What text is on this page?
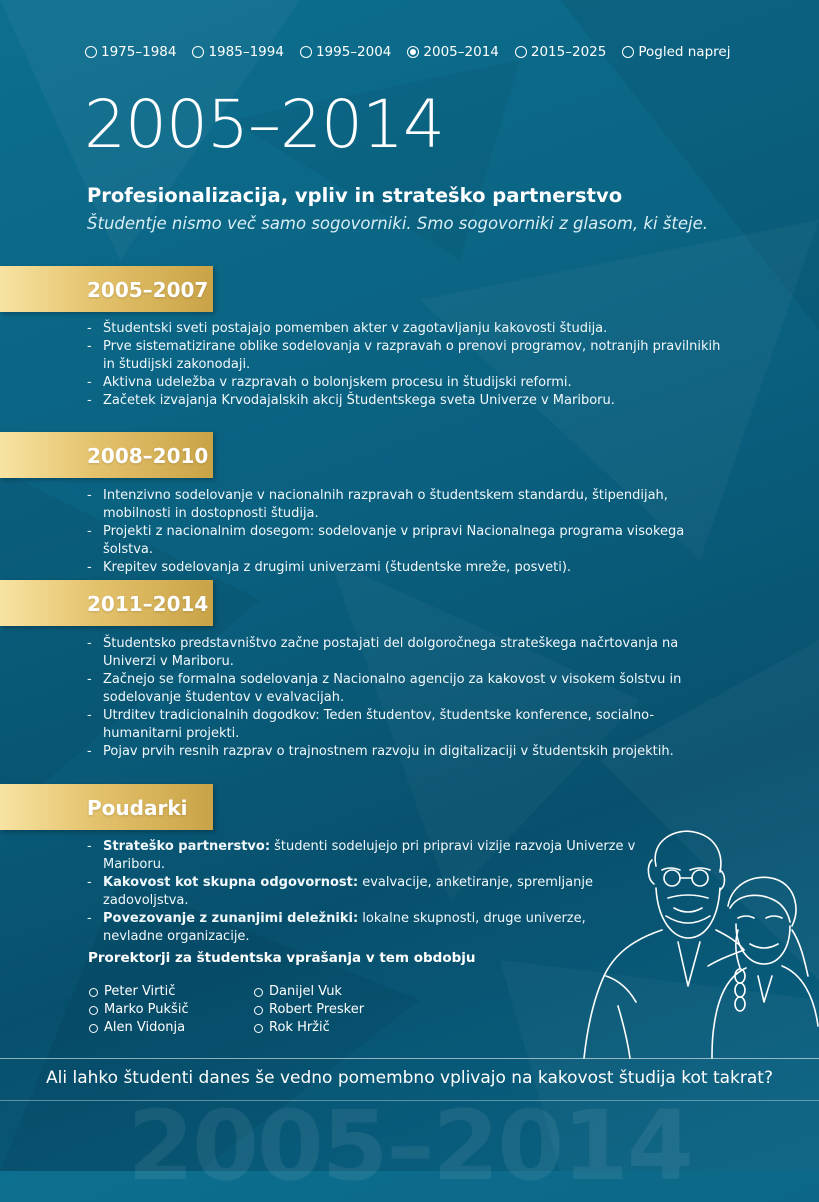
1975–1984 1985–1994 1995–2004 2005–2014 2015–2025 Pogled naprej
2005–2014
Profesionalizacija, vpliv in strateško partnerstvo
Študentje nismo več samo sogovorniki. Smo sogovorniki z glasom, ki šteje.
2005–2007
- Študentski sveti postajajo pomemben akter v zagotavljanju kakovosti študija.
- Prve sistematizirane oblike sodelovanja v razpravah o prenovi programov, notranjih pravilnikih in študijski zakonodaji.
- Aktivna udeležba v razpravah o bolonjskem procesu in študijski reformi.
- Začetek izvajanja Krvodajalskih akcij Študentskega sveta Univerze v Mariboru.
2008–2010
- Intenzivno sodelovanje v nacionalnih razpravah o študentskem standardu, štipendijah, mobilnosti in dostopnosti študija.
- Projekti z nacionalnim dosegom: sodelovanje v pripravi Nacionalnega programa visokega šolstva.
- Krepitev sodelovanja z drugimi univerzami (študentske mreže, posveti).
2011–2014
- Študentsko predstavništvo začne postajati del dolgoročnega strateškega načrtovanja na Univerzi v Mariboru.
- Začnejo se formalna sodelovanja z Nacionalno agencijo za kakovost v visokem šolstvu in sodelovanje študentov v evalvacijah.
- Utrditev tradicionalnih dogodkov: Teden študentov, študentske konference, socialno-humanitarni projekti.
- Pojav prvih resnih razprav o trajnostnem razvoju in digitalizaciji v študentskih projektih.
Poudarki
- Strateško partnerstvo: študenti sodelujejo pri pripravi vizije razvoja Univerze v Mariboru.
- Kakovost kot skupna odgovornost: evalvacije, anketiranje, spremljanje zadovoljstva.
- Povezovanje z zunanjimi deležniki: lokalne skupnosti, druge univerze, nevladne organizacije.
Prorektorji za študentska vprašanja v tem obdobju
Peter Virtič	Danijel Vuk
Marko Pukšič	Robert Presker
Alen Vidonja	Rok Hržič
Ali lahko študenti danes še vedno pomembno vplivajo na kakovost študija kot takrat?
2005–2014
